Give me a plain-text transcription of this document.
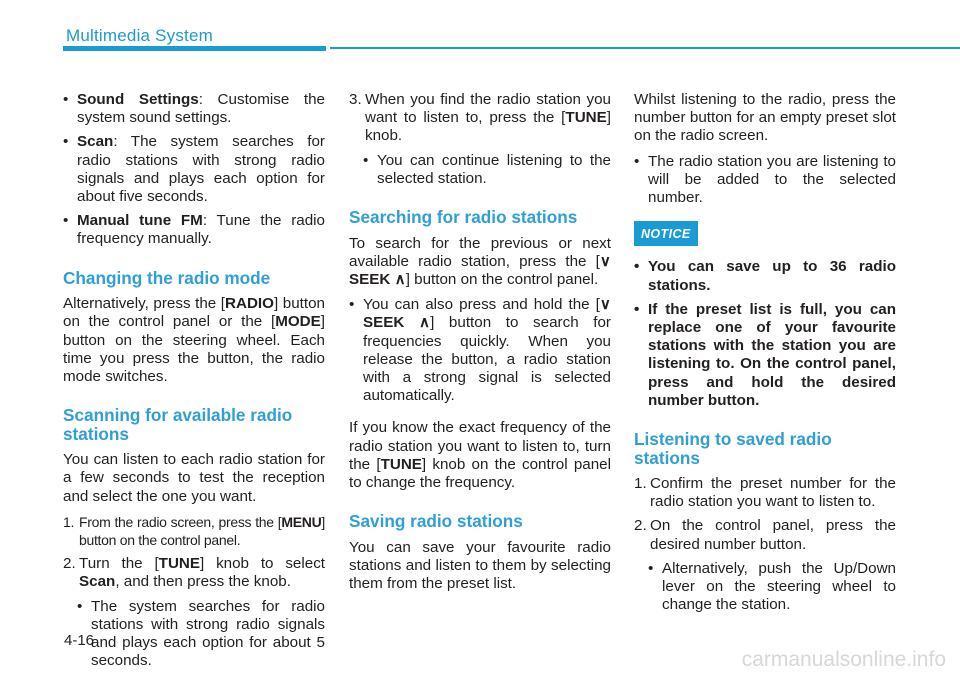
Multimedia System
• Sound Settings: Customise the system sound settings.
• Scan: The system searches for radio stations with strong radio signals and plays each option for about five seconds.
• Manual tune FM: Tune the radio frequency manually.
Changing the radio mode

Alternatively, press the [RADIO] button on the control panel or the [MODE] button on the steering wheel. Each time you press the button, the radio mode switches.

Scanning for available radio stations

You can listen to each radio station for a few seconds to test the reception and select the one you want.

1. From the radio screen, press the [MENU] button on the control panel.
2. Turn the [TUNE] knob to select Scan, and then press the knob.
• The system searches for radio stations with strong radio signals and plays each option for about 5 seconds.
3. When you find the radio station you want to listen to, press the [TUNE] knob.
• You can continue listening to the selected station.
Searching for radio stations

To search for the previous or next available radio station, press the [∨ SEEK ∧] button on the control panel.

• You can also press and hold the [∨ SEEK ∧] button to search for frequencies quickly. When you release the button, a radio station with a strong signal is selected automatically.

If you know the exact frequency of the radio station you want to listen to, turn the [TUNE] knob on the control panel to change the frequency.

Saving radio stations

You can save your favourite radio stations and listen to them by selecting them from the preset list.

Whilst listening to the radio, press the number button for an empty preset slot on the radio screen.

• The radio station you are listening to will be added to the selected number.
NOTICE
• You can save up to 36 radio stations.
• If the preset list is full, you can replace one of your favourite stations with the station you are listening to. On the control panel, press and hold the desired number button.
Listening to saved radio stations
1. Confirm the preset number for the radio station you want to listen to.
2. On the control panel, press the desired number button.
• Alternatively, push the Up/Down lever on the steering wheel to change the station.
4-16
carmanualsonline.info
